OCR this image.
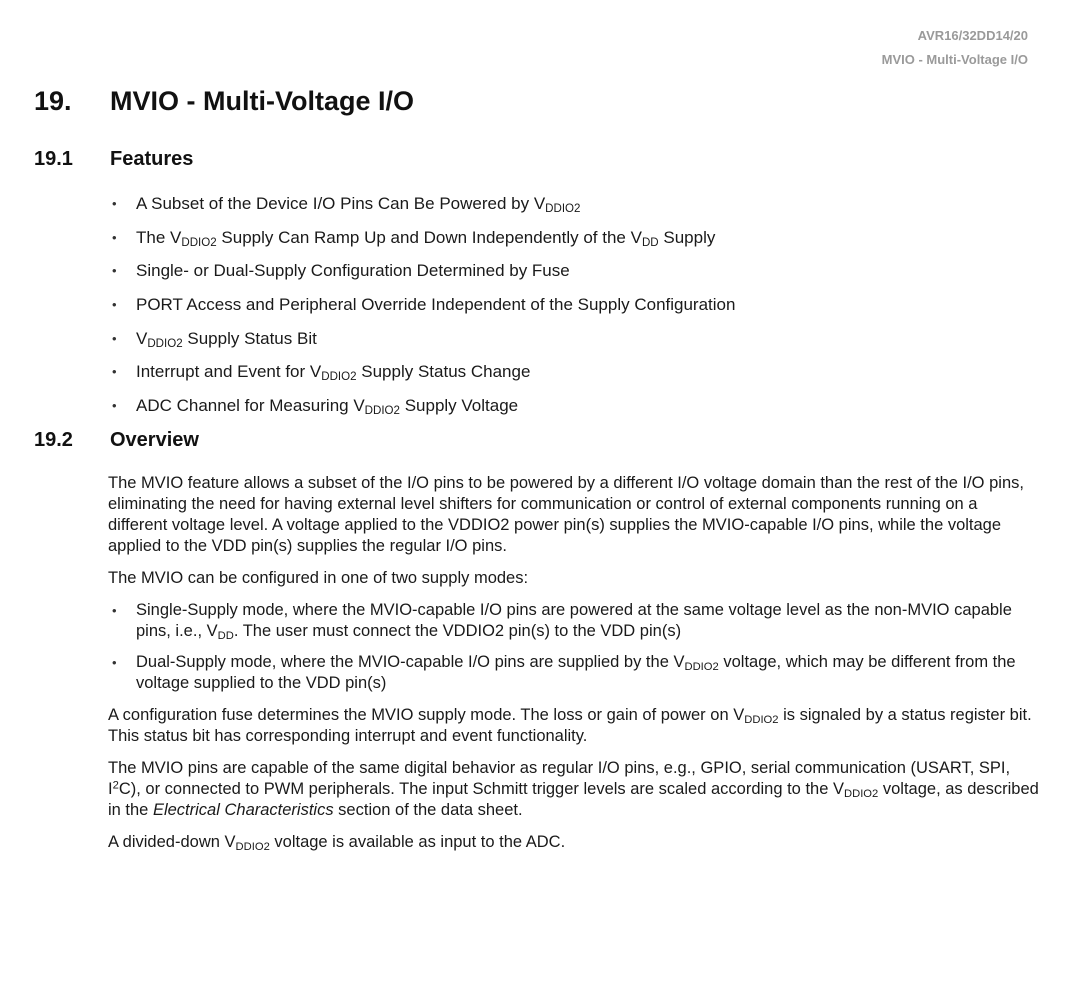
AVR16/32DD14/20
MVIO - Multi-Voltage I/O
19. MVIO - Multi-Voltage I/O
19.1 Features
• A Subset of the Device I/O Pins Can Be Powered by $V_{DDIO2}$
• The $V_{DDIO2}$ Supply Can Ramp Up and Down Independently of the $V_{DD}$ Supply
• Single- or Dual-Supply Configuration Determined by Fuse
• PORT Access and Peripheral Override Independent of the Supply Configuration
• $V_{DDIO2}$ Supply Status Bit
• Interrupt and Event for $V_{DDIO2}$ Supply Status Change
• ADC Channel for Measuring $V_{DDIO2}$ Supply Voltage
19.2 Overview

The MVIO feature allows a subset of the I/O pins to be powered by a different I/O voltage domain than the rest of the I/O pins, eliminating the need for having external level shifters for communication or control of external components running on a different voltage level. A voltage applied to the VDDIO2 power pin(s) supplies the MVIO-capable I/O pins, while the voltage applied to the VDD pin(s) supplies the regular I/O pins.

The MVIO can be configured in one of two supply modes:

• Single-Supply mode, where the MVIO-capable I/O pins are powered at the same voltage level as the non-MVIO capable pins, i.e., $V_{DD}$. The user must connect the VDDIO2 pin(s) to the VDD pin(s)
• Dual-Supply mode, where the MVIO-capable I/O pins are supplied by the $V_{DDIO2}$ voltage, which may be different from the voltage supplied to the VDD pin(s)

A configuration fuse determines the MVIO supply mode. The loss or gain of power on $V_{DDIO2}$ is signaled by a status register bit. This status bit has corresponding interrupt and event functionality.

The MVIO pins are capable of the same digital behavior as regular I/O pins, e.g., GPIO, serial communication (USART, SPI, $I^2C$), or connected to PWM peripherals. The input Schmitt trigger levels are scaled according to the $V_{DDIO2}$ voltage, as described in the Electrical Characteristics section of the data sheet.

A divided-down $V_{DDIO2}$ voltage is available as input to the ADC.
